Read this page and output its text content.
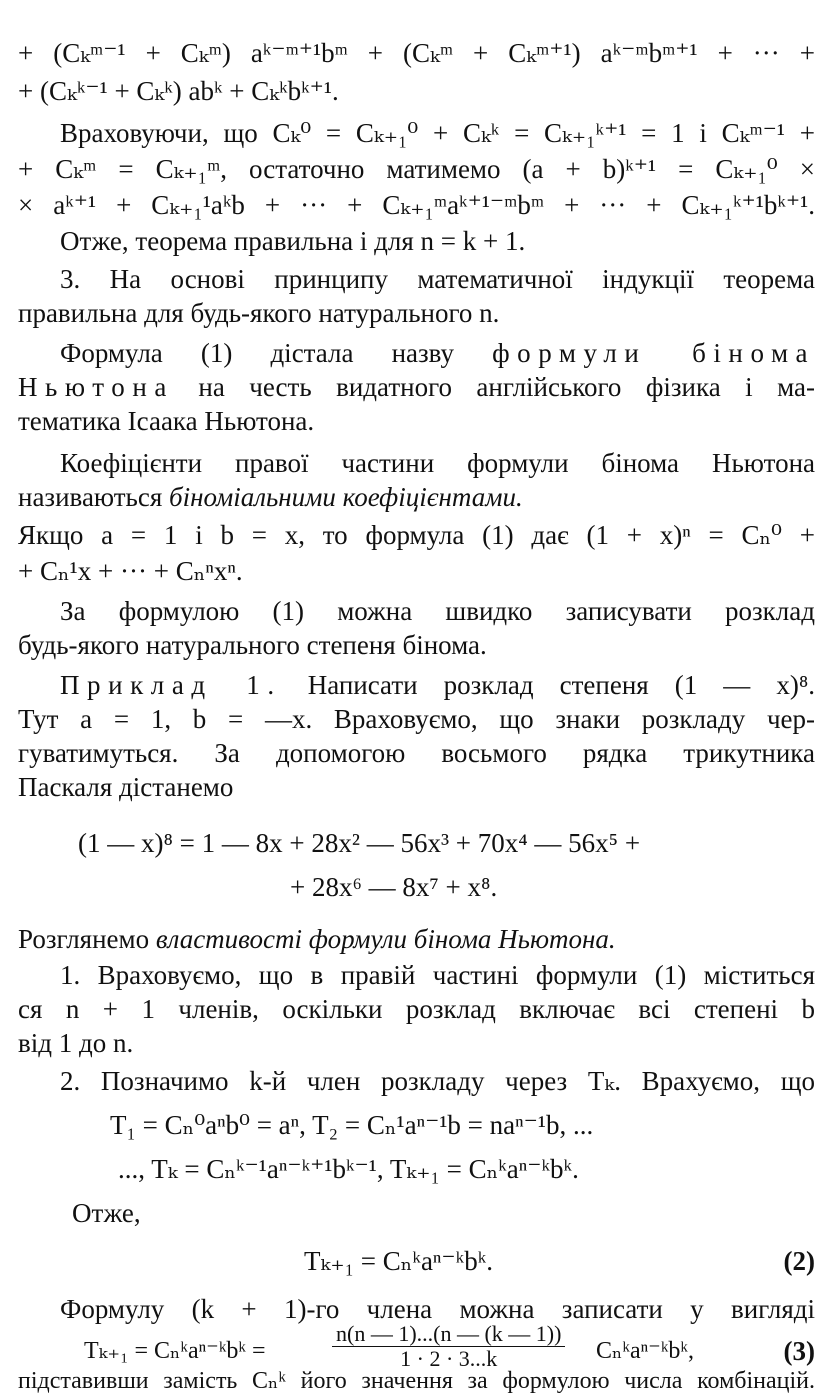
+ (Cₖᵐ⁻¹ + Cₖᵐ) aᵏ⁻ᵐ⁺¹bᵐ + (Cₖᵐ + Cₖᵐ⁺¹) aᵏ⁻ᵐbᵐ⁺¹ + ··· +
+ (Cₖᵏ⁻¹ + Cₖᵏ) abᵏ + Cₖᵏbᵏ⁺¹.
Враховуючи, що Cₖ⁰ = Cₖ₊₁⁰ + Cₖᵏ = Cₖ₊₁ᵏ⁺¹ = 1 і Cₖᵐ⁻¹ +
+ Cₖᵐ = Cₖ₊₁ᵐ, остаточно матимемо (a + b)ᵏ⁺¹ = Cₖ₊₁⁰ ×
× aᵏ⁺¹ + Cₖ₊₁¹aᵏb + ··· + Cₖ₊₁ᵐaᵏ⁺¹⁻ᵐbᵐ + ··· + Cₖ₊₁ᵏ⁺¹bᵏ⁺¹.
Отже, теорема правильна і для n = k + 1.
3. На основі принципу математичної індукції теорема
правильна для будь-якого натурального n.
Формула (1) дістала назву формули бінома
Ньютона на честь видатного англійського фізика і ма-
тематика Ісаака Ньютона.
Коефіцієнти правої частини формули бінома Ньютона
називаються біноміальними коефіцієнтами.
Якщо a = 1 і b = x, то формула (1) дає (1 + x)ⁿ = Cₙ⁰ +
+ Cₙ¹x + ··· + Cₙⁿxⁿ.
За формулою (1) можна швидко записувати розклад
будь-якого натурального степеня бінома.
Приклад 1. Написати розклад степеня (1 — x)⁸.
Тут a = 1, b = —x. Враховуємо, що знаки розкладу чер-
гуватимуться. За допомогою восьмого рядка трикутника
Паскаля дістанемо
(1 — x)⁸ = 1 — 8x + 28x² — 56x³ + 70x⁴ — 56x⁵ +
+ 28x⁶ — 8x⁷ + x⁸.
Розглянемо властивості формули бінома Ньютона.
1. Враховуємо, що в правій частині формули (1) міститься
ся n + 1 членів, оскільки розклад включає всі степені b
від 1 до n.
2. Позначимо k-й член розкладу через Tₖ. Врахуємо, що
T₁ = Cₙ⁰aⁿb⁰ = aⁿ, T₂ = Cₙ¹aⁿ⁻¹b = naⁿ⁻¹b, ...
..., Tₖ = Cₙᵏ⁻¹aⁿ⁻ᵏ⁺¹bᵏ⁻¹, Tₖ₊₁ = Cₙᵏaⁿ⁻ᵏbᵏ.
Отже,
Tₖ₊₁ = Cₙᵏaⁿ⁻ᵏbᵏ.	(2)
Формулу (k + 1)-го члена можна записати у вигляді
Tₖ₊₁ = Cₙᵏaⁿ⁻ᵏbᵏ =	$\frac{n(n — 1)...(n — (k — 1))}{1 \cdot 2 \cdot 3...k}$ Cₙᵏaⁿ⁻ᵏbᵏ,	(3)
підставивши замість Cₙᵏ його значення за формулою числа комбінацій.
